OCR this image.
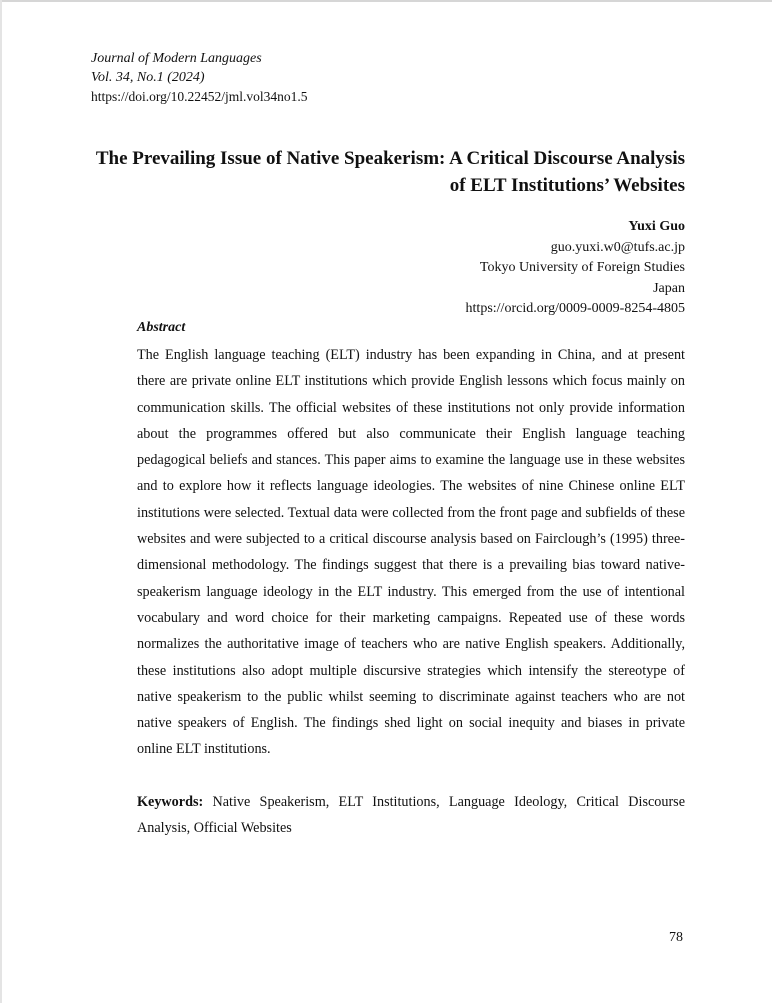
Journal of Modern Languages
Vol. 34, No.1 (2024)
https://doi.org/10.22452/jml.vol34no1.5
The Prevailing Issue of Native Speakerism: A Critical Discourse Analysis of ELT Institutions’ Websites
Yuxi Guo
guo.yuxi.w0@tufs.ac.jp
Tokyo University of Foreign Studies
Japan
https://orcid.org/0009-0009-8254-4805
Abstract

The English language teaching (ELT) industry has been expanding in China, and at present there are private online ELT institutions which provide English lessons which focus mainly on communication skills. The official websites of these institutions not only provide information about the programmes offered but also communicate their English language teaching pedagogical beliefs and stances. This paper aims to examine the language use in these websites and to explore how it reflects language ideologies. The websites of nine Chinese online ELT institutions were selected. Textual data were collected from the front page and subfields of these websites and were subjected to a critical discourse analysis based on Fairclough’s (1995) three-dimensional methodology. The findings suggest that there is a prevailing bias toward native-speakerism language ideology in the ELT industry. This emerged from the use of intentional vocabulary and word choice for their marketing campaigns. Repeated use of these words normalizes the authoritative image of teachers who are native English speakers. Additionally, these institutions also adopt multiple discursive strategies which intensify the stereotype of native speakerism to the public whilst seeming to discriminate against teachers who are not native speakers of English. The findings shed light on social inequity and biases in private online ELT institutions.

Keywords: Native Speakerism, ELT Institutions, Language Ideology, Critical Discourse Analysis, Official Websites

78
